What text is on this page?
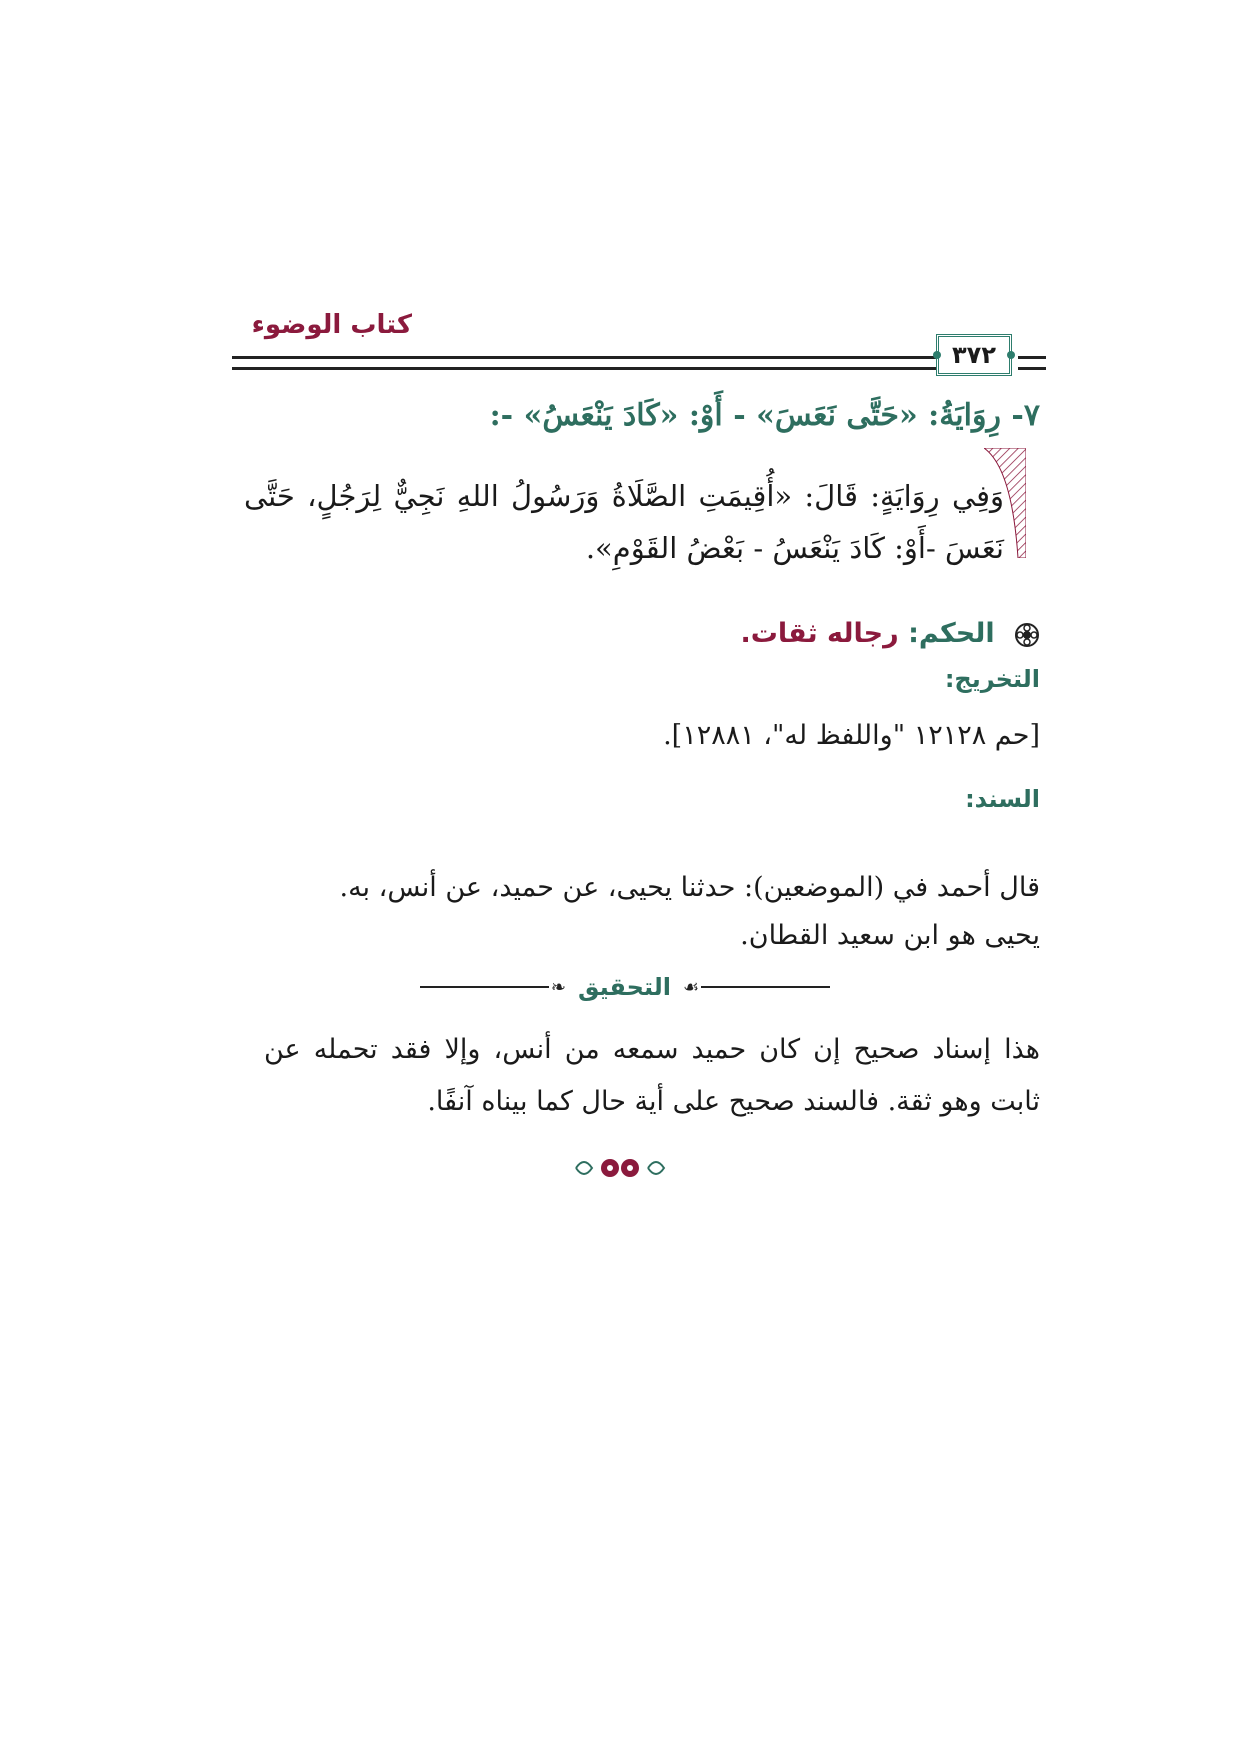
كتاب الوضوء
٣٧٢
٧- رِوَايَةُ: «حَتَّى نَعَسَ» - أَوْ: «كَادَ يَنْعَسُ» -:
وَفِي رِوَايَةٍ: قَالَ: «أُقِيمَتِ الصَّلَاةُ وَرَسُولُ اللهِ نَجِيٌّ لِرَجُلٍ، حَتَّى نَعَسَ -أَوْ: كَادَ يَنْعَسُ - بَعْضُ القَوْمِ».
الحكم: رجاله ثقات.
التخريج:
[حم ١٢١٢٨ "واللفظ له"، ١٢٨٨١].
السند:
قال أحمد في (الموضعين): حدثنا يحيى، عن حميد، عن أنس، به.
يحيى هو ابن سعيد القطان.
❧ التحقيق ☙
هذا إسناد صحيح إن كان حميد سمعه من أنس، وإلا فقد تحمله عن ثابت وهو ثقة. فالسند صحيح على أية حال كما بيناه آنفًا.
